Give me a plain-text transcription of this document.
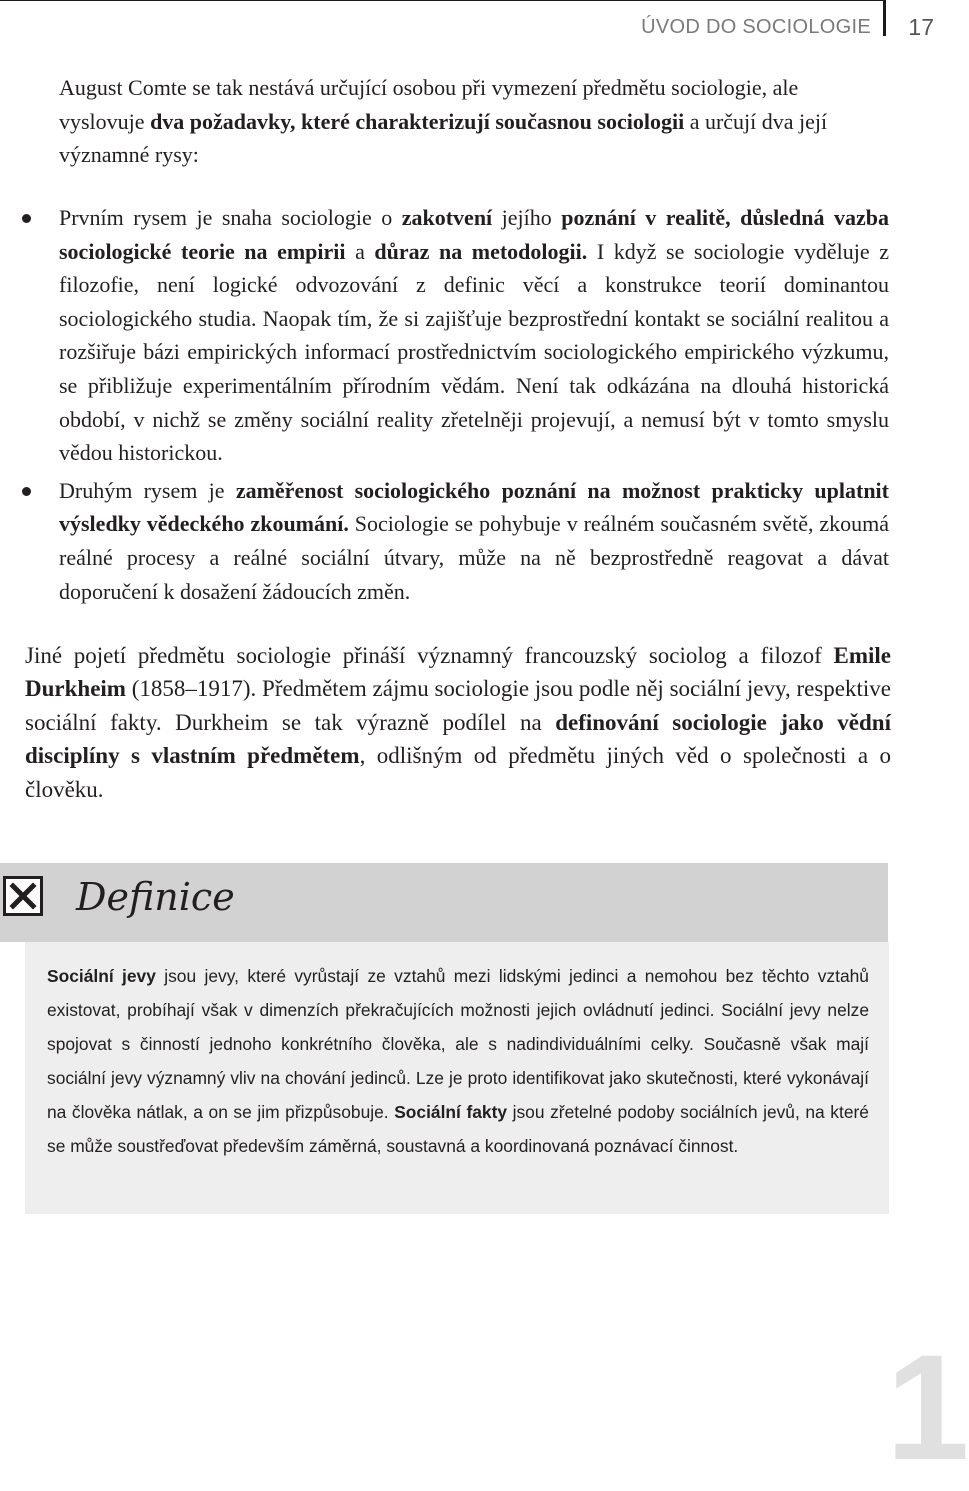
ÚVOD DO SOCIOLOGIE 17

August Comte se tak nestává určující osobou při vymezení předmětu sociologie, ale vyslovuje dva požadavky, které charakterizují současnou sociologii a určují dva její významné rysy:

Prvním rysem je snaha sociologie o zakotvení jejího poznání v realitě, důsledná vazba sociologické teorie na empirii a důraz na metodologii. I když se sociologie vyděluje z filozofie, není logické odvozování z definic věcí a konstrukce teorií dominantou sociologického studia. Naopak tím, že si zajišťuje bezprostřední kontakt se sociální realitou a rozšiřuje bázi empirických informací prostřednictvím sociologického empirického výzkumu, se přibližuje experimentálním přírodním vědám. Není tak odkázána na dlouhá historická období, v nichž se změny sociální reality zřetelněji projevují, a nemusí být v tomto smyslu vědou historickou.
Druhým rysem je zaměřenost sociologického poznání na možnost prakticky uplatnit výsledky vědeckého zkoumání. Sociologie se pohybuje v reálném současném světě, zkoumá reálné procesy a reálné sociální útvary, může na ně bezprostředně reagovat a dávat doporučení k dosažení žádoucích změn.

Jiné pojetí předmětu sociologie přináší významný francouzský sociolog a filozof Emile Durkheim (1858–1917). Předmětem zájmu sociologie jsou podle něj sociální jevy, respektive sociální fakty. Durkheim se tak výrazně podílel na definování sociologie jako vědní disciplíny s vlastním předmětem, odlišným od předmětu jiných věd o společnosti a o člověku.

Definice

Sociální jevy jsou jevy, které vyrůstají ze vztahů mezi lidskými jedinci a nemohou bez těchto vztahů existovat, probíhají však v dimenzích překračujících možnosti jejich ovládnutí jedinci. Sociální jevy nelze spojovat s činností jednoho konkrétního člověka, ale s nadindividuálními celky. Současně však mají sociální jevy významný vliv na chování jedinců. Lze je proto identifikovat jako skutečnosti, které vykonávají na člověka nátlak, a on se jim přizpůsobuje. Sociální fakty jsou zřetelné podoby sociálních jevů, na které se může soustřeďovat především záměrná, soustavná a koordinovaná poznávací činnost.

1
